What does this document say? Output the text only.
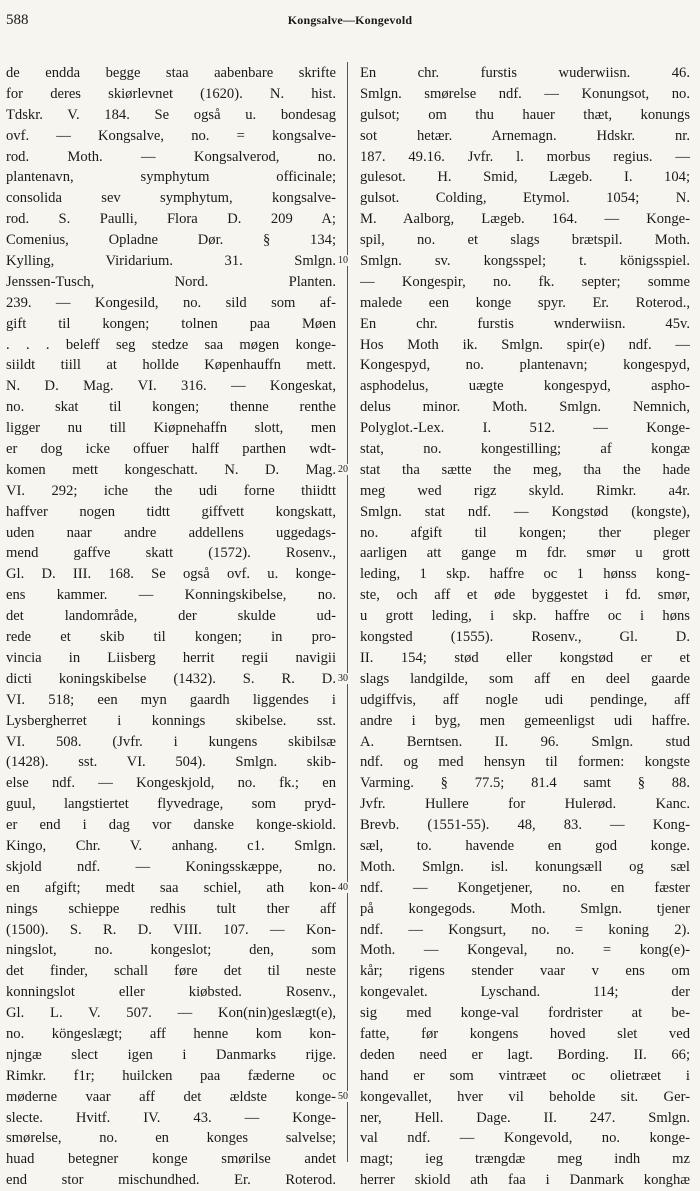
588	Kongsalve—Kongevold
de endda begge staa aabenbare skrifte
for deres skiørlevnet (1620). N. hist.
Tdskr. V. 184. Se også u. bondesag
ovf. — Kongsalve, no. = kongsalve-
rod. Moth. — Kongsalverod, no.
plantenavn, symphytum officinale;
consolida sev symphytum, kongsalve-
rod. S. Paulli, Flora D. 209 A;
Comenius, Opladne Dør. § 134;
Kylling, Viridarium. 31. Smlgn.
Jenssen-Tusch, Nord. Planten.
239. — Kongesild, no. sild som af-
gift til kongen; tolnen paa Møen
. . . beleff seg stedze saa møgen konge-
siildt tiill at hollde Køpenhauffn mett.
N. D. Mag. VI. 316. — Kongeskat,
no. skat til kongen; thenne renthe
ligger nu till Kiøpnehaffn slott, men
er dog icke offuer halff parthen wdt-
komen mett kongeschatt. N. D. Mag.
VI. 292; iche the udi forne thiidtt
haffver nogen tidtt giffvett kongskatt,
uden naar andre addellens uggedags-
mend gaffve skatt (1572). Rosenv.,
Gl. D. III. 168. Se også ovf. u. konge-
ens kammer. — Konningskibelse, no.
det landområde, der skulde ud-
rede et skib til kongen; in pro-
vincia in Liisberg herrit regii navigii
dicti koningskibelse (1432). S. R. D.
VI. 518; een myn gaardh liggendes i
Lysbergherret i konnings skibelse. sst.
VI. 508. (Jvfr. i kungens skibilsæ
(1428). sst. VI. 504). Smlgn. skib-
else ndf. — Kongeskjold, no. fk.; en
guul, langstiertet flyvedrage, som pryd-
er end i dag vor danske konge-skiold.
Kingo, Chr. V. anhang. c1. Smlgn.
skjold ndf. — Koningsskæppe, no.
en afgift; medt saa schiel, ath kon-
nings schieppe redhis tult ther aff
(1500). S. R. D. VIII. 107. — Kon-
ningslot, no. kongeslot; den, som
det finder, schall føre det til neste
konningslot eller kiøbsted. Rosenv.,
Gl. L. V. 507. — Kon(nin)geslægt(e),
no. köngeslægt; aff henne kom kon-
njngæ slect igen i Danmarks rijge.
Rimkr. f1r; huilcken paa fæderne oc
møderne vaar aff det ældste konge-
slecte. Hvitf. IV. 43. — Konge-
smørelse, no. en konges salvelse;
huad betegner konge smørilse andet
end stor mischundhed. Er. Roterod.
En chr. furstis wuderwiisn. 46.
Smlgn. smørelse ndf. — Konungsot, no.
gulsot; om thu hauer thæt, konungs
sot hetær. Arnemagn. Hdskr. nr.
187. 49.16. Jvfr. l. morbus regius. —
gulesot. H. Smid, Lægeb. I. 104;
gulsot. Colding, Etymol. 1054; N.
M. Aalborg, Lægeb. 164. — Konge-
spil, no. et slags brætspil. Moth.
Smlgn. sv. kongsspel; t. königsspiel.
— Kongespir, no. fk. septer; somme
malede een konge spyr. Er. Roterod.,
En chr. furstis wnderwiisn. 45v.
Hos Moth ik. Smlgn. spir(e) ndf. —
Kongespyd, no. plantenavn; kongespyd,
asphodelus, uægte kongespyd, aspho-
delus minor. Moth. Smlgn. Nemnich,
Polyglot.-Lex. I. 512. — Konge-
stat, no. kongestilling; af kongæ
stat tha sætte the meg, tha the hade
meg wed rigz skyld. Rimkr. a4r.
Smlgn. stat ndf. — Kongstød (kongste),
no. afgift til kongen; ther pleger
aarligen att gange m fdr. smør u grott
leding, 1 skp. haffre oc 1 hønss kong-
ste, och aff et øde byggestet i fd. smør,
u grott leding, i skp. haffre oc i høns
kongsted (1555). Rosenv., Gl. D.
II. 154; stød eller kongstød er et
slags landgilde, som aff en deel gaarde
udgiffvis, aff nogle udi pendinge, aff
andre i byg, men gemeenligst udi haffre.
A. Berntsen. II. 96. Smlgn. stud
ndf. og med hensyn til formen: kongste
Varming. § 77.5; 81.4 samt § 88.
Jvfr. Hullere for Hulerød. Kanc.
Brevb. (1551-55). 48, 83. — Kong-
sæl, to. havende en god konge.
Moth. Smlgn. isl. konungsæll og sæl
ndf. — Kongetjener, no. en fæster
på kongegods. Moth. Smlgn. tjener
ndf. — Kongsurt, no. = koning 2).
Moth. — Kongeval, no. = kong(e)-
kår; rigens stender vaar v ens om
kongevalet. Lyschand. 114; der
sig med konge-val fordrister at be-
fatte, før kongens hoved slet ved
deden need er lagt. Bording. II. 66;
hand er som vintræet oc olietræet i
kongevallet, hver vil beholde sit. Ger-
ner, Hell. Dage. II. 247. Smlgn.
val ndf. — Kongevold, no. konge-
magt; ieg trængdæ meg indh mz
herrer skiold ath faa i Danmark konghæ
10
20
30
40
50
